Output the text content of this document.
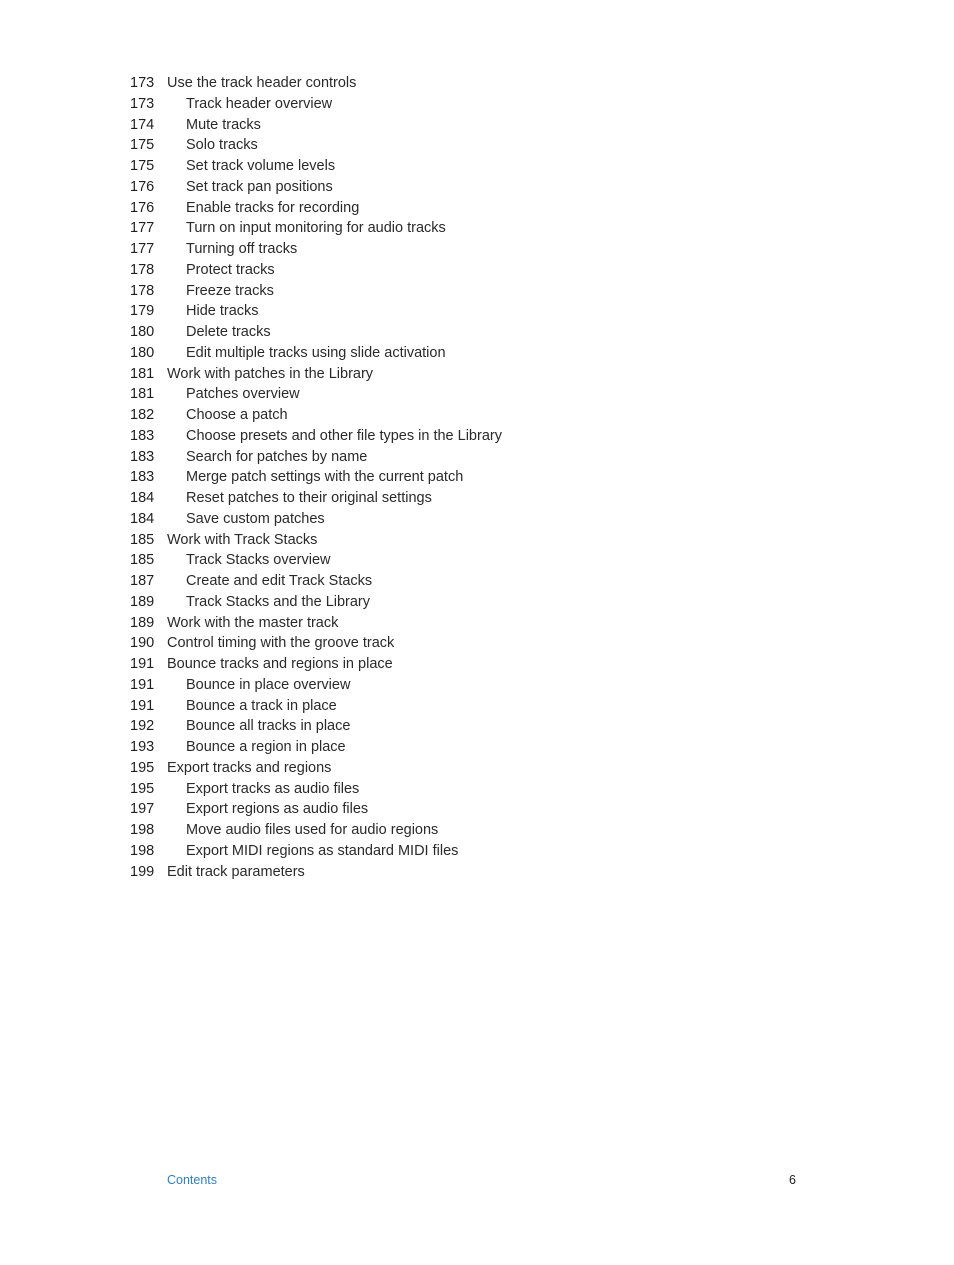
173 Use the track header controls
173	Track header overview
174	Mute tracks
175	Solo tracks
175	Set track volume levels
176	Set track pan positions
176	Enable tracks for recording
177	Turn on input monitoring for audio tracks
177	Turning off tracks
178	Protect tracks
178	Freeze tracks
179	Hide tracks
180	Delete tracks
180	Edit multiple tracks using slide activation
181 Work with patches in the Library
181	Patches overview
182	Choose a patch
183	Choose presets and other file types in the Library
183	Search for patches by name
183	Merge patch settings with the current patch
184	Reset patches to their original settings
184	Save custom patches
185 Work with Track Stacks
185	Track Stacks overview
187	Create and edit Track Stacks
189	Track Stacks and the Library
189 Work with the master track
190 Control timing with the groove track
191 Bounce tracks and regions in place
191	Bounce in place overview
191	Bounce a track in place
192	Bounce all tracks in place
193	Bounce a region in place
195 Export tracks and regions
195	Export tracks as audio files
197	Export regions as audio files
198	Move audio files used for audio regions
198	Export MIDI regions as standard MIDI files
199 Edit track parameters
Contents	6
